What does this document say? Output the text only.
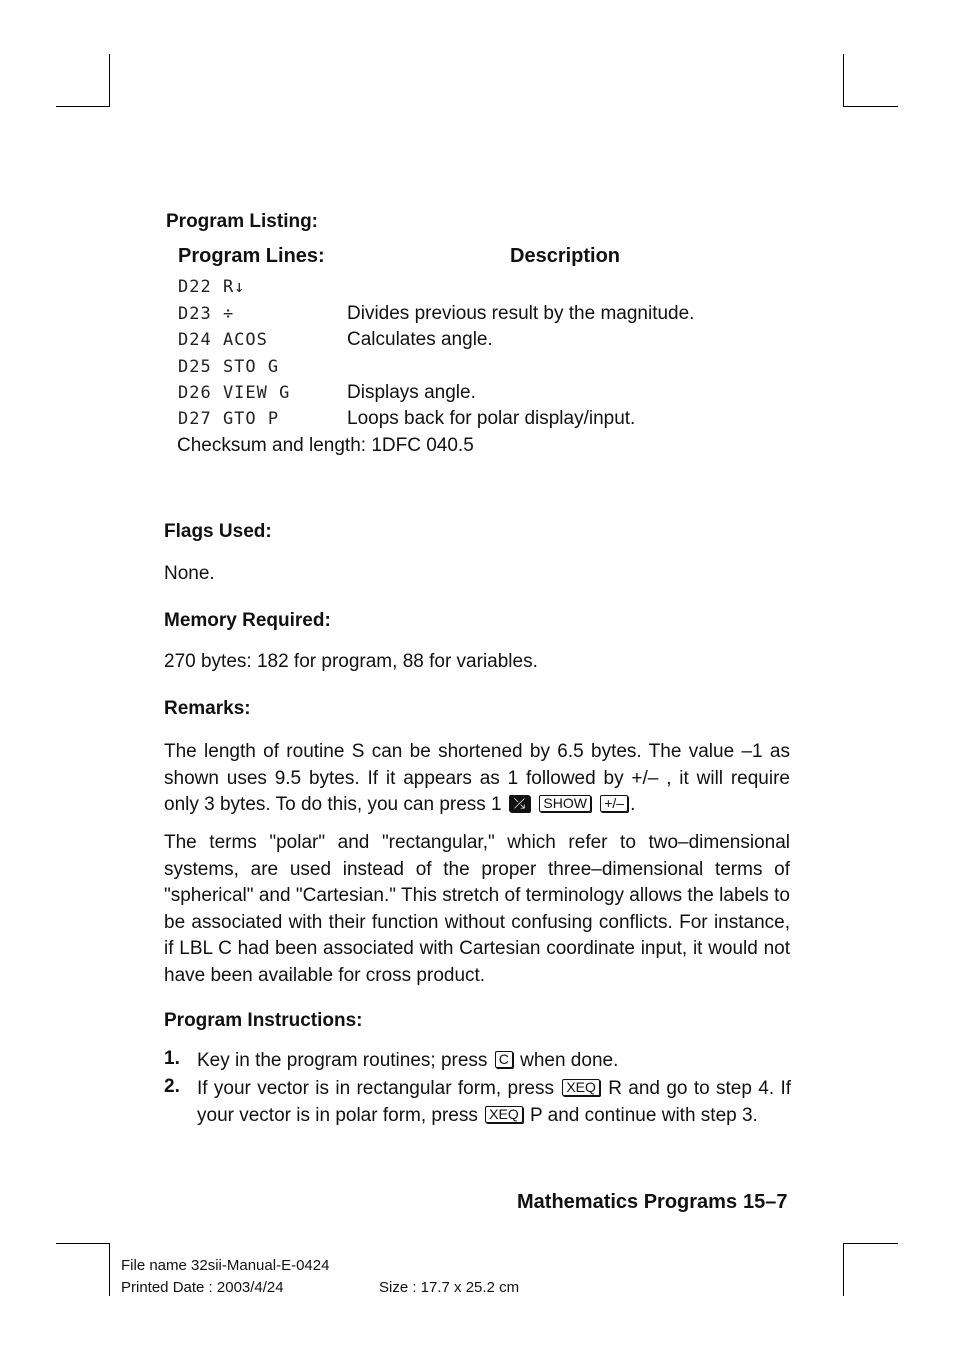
Program Listing:
Program Lines:	Description
D22 R↓
D23 ÷	Divides previous result by the magnitude.
D24 ACOS	Calculates angle.
D25 STO G
D26 VIEW G	Displays angle.
D27 GTO P	Loops back for polar display/input.
Checksum and length: 1DFC 040.5
Flags Used:
None.
Memory Required:
270 bytes: 182 for program, 88 for variables.
Remarks:
The length of routine S can be shortened by 6.5 bytes. The value –1 as shown uses 9.5 bytes. If it appears as 1 followed by +/– , it will require only 3 bytes. To do this, you can press 1 ⤰ SHOW +/– .
The terms "polar" and "rectangular," which refer to two–dimensional systems, are used instead of the proper three–dimensional terms of "spherical" and "Cartesian." This stretch of terminology allows the labels to be associated with their function without confusing conflicts. For instance, if LBL C had been associated with Cartesian coordinate input, it would not have been available for cross product.
Program Instructions:
1. Key in the program routines; press C when done.
2. If your vector is in rectangular form, press XEQ R and go to step 4. If your vector is in polar form, press XEQ P and continue with step 3.
Mathematics Programs 15–7
File name 32sii-Manual-E-0424
Printed Date : 2003/4/24	Size : 17.7 x 25.2 cm
